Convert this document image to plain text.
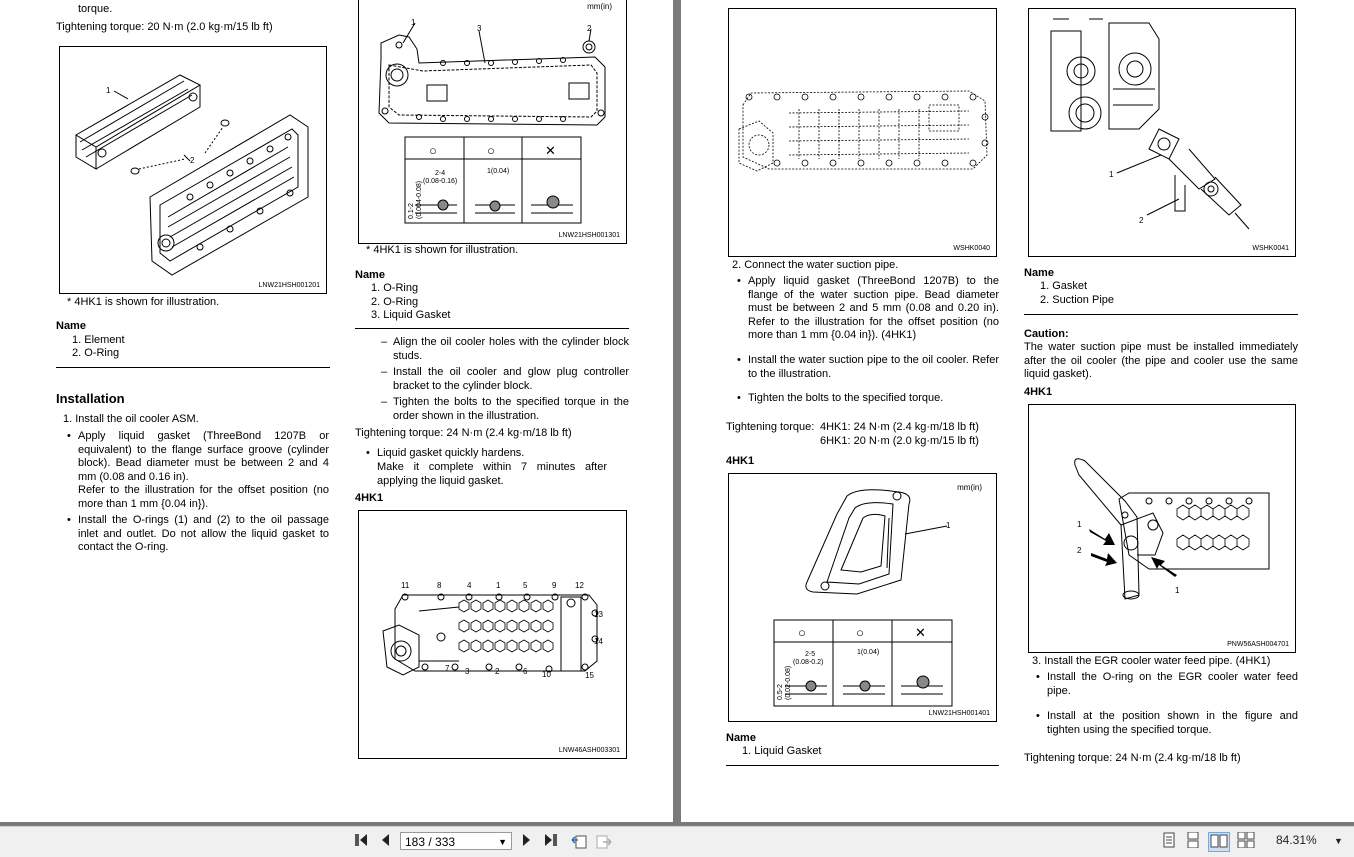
torque.
Tightening torque: 20 N·m (2.0 kg·m/15 lb ft)
1
2
LNW21HSH001201
* 4HK1 is shown for illustration.
Name
1. Element
2. O-Ring
Installation
1. Install the oil cooler ASM.
• Apply liquid gasket (ThreeBond 1207B or equivalent) to the flange surface groove (cylinder block). Bead diameter must be between 2 and 4 mm (0.08 and 0.16 in).
Refer to the illustration for the offset position (no more than 1 mm {0.04 in}).
• Install the O-rings (1) and (2) to the oil passage inlet and outlet. Do not allow the liquid gasket to contact the O-ring.
mm(in)
1
2
3
○	○	✕
2-4
(0.08-0.16)
1(0.04)
0.1-2 (0.004-0.08)
LNW21HSH001301
* 4HK1 is shown for illustration.
Name
1. O-Ring
2. O-Ring
3. Liquid Gasket
– Align the oil cooler holes with the cylinder block studs.
– Install the oil cooler and glow plug controller bracket to the cylinder block.
– Tighten the bolts to the specified torque in the order shown in the illustration.
Tightening torque: 24 N·m (2.4 kg·m/18 lb ft)
• Liquid gasket quickly hardens.
Make it complete within 7 minutes after applying the liquid gasket.
4HK1
11	8	4	1	5	9 12
13
14
15
7 3	2	6 10
LNW46ASH003301
WSHK0040
2. Connect the water suction pipe.
• Apply liquid gasket (ThreeBond 1207B) to the flange of the water suction pipe. Bead diameter must be between 2 and 5 mm (0.08 and 0.20 in). Refer to the illustration for the offset position (no more than 1 mm {0.04 in}). (4HK1)
• Install the water suction pipe to the oil cooler. Refer to the illustration.
• Tighten the bolts to the specified torque.
Tightening torque: 4HK1: 24 N·m (2.4 kg·m/18 lb ft)
6HK1: 20 N·m (2.0 kg·m/15 lb ft)
4HK1
mm(in)
1
○	○	✕
2-5
(0.08-0.2)
1(0.04)
0.5-2 (0.02-0.08)
LNW21HSH001401
Name
1. Liquid Gasket
1
2
WSHK0041
Name
1. Gasket
2. Suction Pipe
Caution:
The water suction pipe must be installed immediately after the oil cooler (the pipe and cooler use the same liquid gasket).
4HK1
1
2
1
PNW56ASH004701
3. Install the EGR cooler water feed pipe. (4HK1)
• Install the O-ring on the EGR cooler water feed pipe.
• Install at the position shown in the figure and tighten using the specified torque.
Tightening torque: 24 N·m (2.4 kg·m/18 lb ft)
183 / 333	▼	84.31% ▼
